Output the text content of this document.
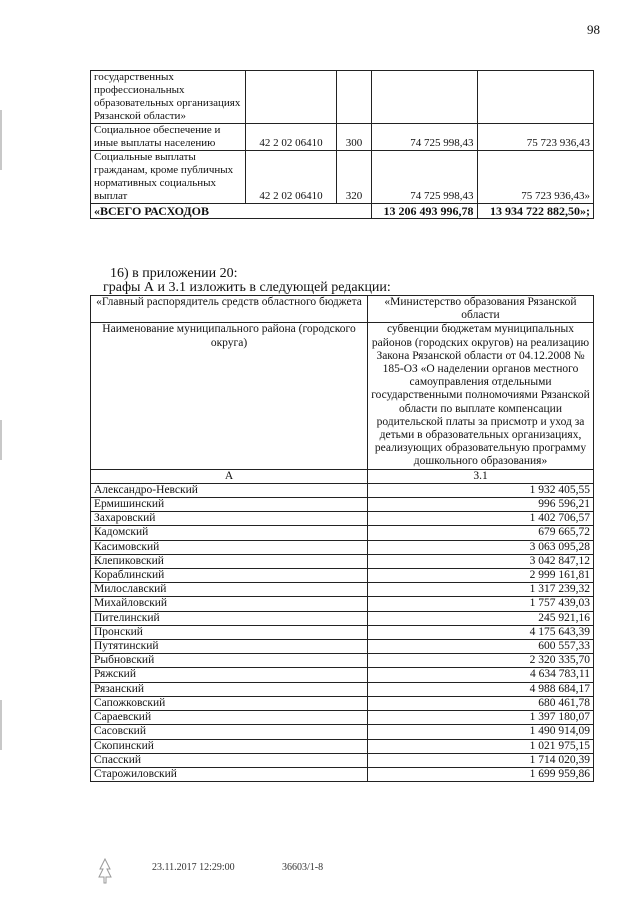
98
государственных профессиональных образовательных организациях Рязанской области»				
Социальное обеспечение и иные выплаты населению	42 2 02 06410	300	74 725 998,43	75 723 936,43
Социальные выплаты гражданам, кроме публичных нормативных социальных выплат	42 2 02 06410	320	74 725 998,43	75 723 936,43»
«ВСЕГО РАСХОДОВ			13 206 493 996,78	13 934 722 882,50»;
16) в приложении 20:
графы А и 3.1 изложить в следующей редакции:
«Главный распорядитель средств областного бюджета	«Министерство образования Рязанской области
Наименование муниципального района (городского округа)	субвенции бюджетам муниципальных районов (городских округов) на реализацию Закона Рязанской области от 04.12.2008 № 185-ОЗ «О наделении органов местного самоуправления отдельными государственными полномочиями Рязанской области по выплате компенсации родительской платы за присмотр и уход за детьми в образовательных организациях, реализующих образовательную программу дошкольного образования»
А	3.1
Александро-Невский	1 932 405,55
Ермишинский	996 596,21
Захаровский	1 402 706,57
Кадомский	679 665,72
Касимовский	3 063 095,28
Клепиковский	3 042 847,12
Кораблинский	2 999 161,81
Милославский	1 317 239,32
Михайловский	1 757 439,03
Пителинский	245 921,16
Пронский	4 175 643,39
Путятинский	600 557,33
Рыбновский	2 320 335,70
Ряжский	4 634 783,11
Рязанский	4 988 684,17
Сапожковский	680 461,78
Сараевский	1 397 180,07
Сасовский	1 490 914,09
Скопинский	1 021 975,15
Спасский	1 714 020,39
Старожиловский	1 699 959,86
23.11.2017 12:29:00	36603/1-8
